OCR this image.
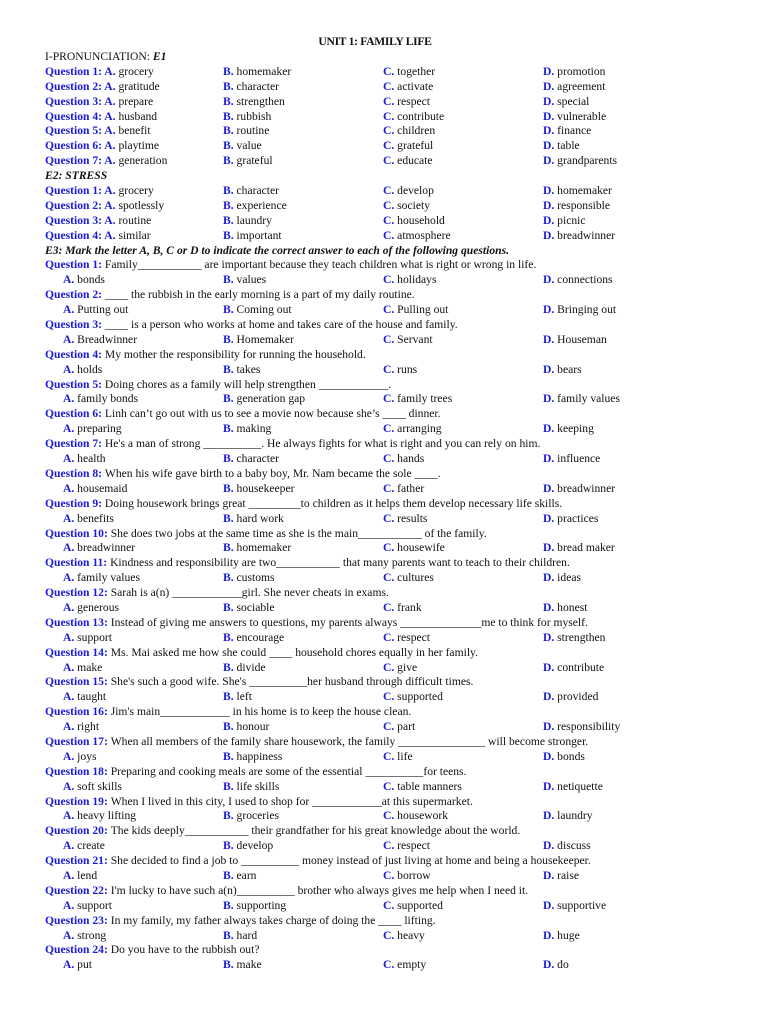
UNIT 1: FAMILY LIFE
I-PRONUNCIATION: E1
Question 1: A. grocery	B. homemaker	C. together	D. promotion
Question 2: A. gratitude	B. character	C. activate	D. agreement
Question 3: A. prepare	B. strengthen	C. respect	D. special
Question 4: A. husband	B. rubbish	C. contribute	D. vulnerable
Question 5: A. benefit	B. routine	C. children	D. finance
Question 6: A. playtime	B. value	C. grateful	D. table
Question 7: A. generation	B. grateful	C. educate	D. grandparents
E2: STRESS
Question 1: A. grocery	B. character	C. develop	D. homemaker
Question 2: A. spotlessly	B. experience	C. society	D. responsible
Question 3: A. routine	B. laundry	C. household	D. picnic
Question 4: A. similar	B. important	C. atmosphere	D. breadwinner
E3: Mark the letter A, B, C or D to indicate the correct answer to each of the following questions.
Question 1: Family___________ are important because they teach children what is right or wrong in life.
A. bonds	B. values	C. holidays	D. connections
Question 2: ____ the rubbish in the early morning is a part of my daily routine.
A. Putting out	B. Coming out	C. Pulling out	D. Bringing out
Question 3: ____ is a person who works at home and takes care of the house and family.
A. Breadwinner	B. Homemaker	C. Servant	D. Houseman
Question 4: My mother the responsibility for running the household.
A. holds	B. takes	C. runs	D. bears
Question 5: Doing chores as a family will help strengthen ____________.
A. family bonds	B. generation gap	C. family trees	D. family values
Question 6: Linh can’t go out with us to see a movie now because she’s ____ dinner.
A. preparing	B. making	C. arranging	D. keeping
Question 7: He's a man of strong __________. He always fights for what is right and you can rely on him.
A. health	B. character	C. hands	D. influence
Question 8: When his wife gave birth to a baby boy, Mr. Nam became the sole ____.
A. housemaid	B. housekeeper	C. father	D. breadwinner
Question 9: Doing housework brings great _________to children as it helps them develop necessary life skills.
A. benefits	B. hard work	C. results	D. practices
Question 10: She does two jobs at the same time as she is the main___________ of the family.
A. breadwinner	B. homemaker	C. housewife	D. bread maker
Question 11: Kindness and responsibility are two___________ that many parents want to teach to their children.
A. family values	B. customs	C. cultures	D. ideas
Question 12: Sarah is a(n) ____________girl. She never cheats in exams.
A. generous	B. sociable	C. frank	D. honest
Question 13: Instead of giving me answers to questions, my parents always ______________me to think for myself.
A. support	B. encourage	C. respect	D. strengthen
Question 14: Ms. Mai asked me how she could ____ household chores equally in her family.
A. make	B. divide	C. give	D. contribute
Question 15: She's such a good wife. She's __________her husband through difficult times.
A. taught	B. left	C. supported	D. provided
Question 16: Jim's main____________ in his home is to keep the house clean.
A. right	B. honour	C. part	D. responsibility
Question 17: When all members of the family share housework, the family _______________ will become stronger.
A. joys	B. happiness	C. life	D. bonds
Question 18: Preparing and cooking meals are some of the essential __________for teens.
A. soft skills	B. life skills	C. table manners	D. netiquette
Question 19: When I lived in this city, I used to shop for ____________at this supermarket.
A. heavy lifting	B. groceries	C. housework	D. laundry
Question 20: The kids deeply___________ their grandfather for his great knowledge about the world.
A. create	B. develop	C. respect	D. discuss
Question 21: She decided to find a job to __________ money instead of just living at home and being a housekeeper.
A. lend	B. earn	C. borrow	D. raise
Question 22: I'm lucky to have such a(n)__________ brother who always gives me help when I need it.
A. support	B. supporting	C. supported	D. supportive
Question 23: In my family, my father always takes charge of doing the ____ lifting.
A. strong	B. hard	C. heavy	D. huge
Question 24: Do you have to the rubbish out?
A. put	B. make	C. empty	D. do
